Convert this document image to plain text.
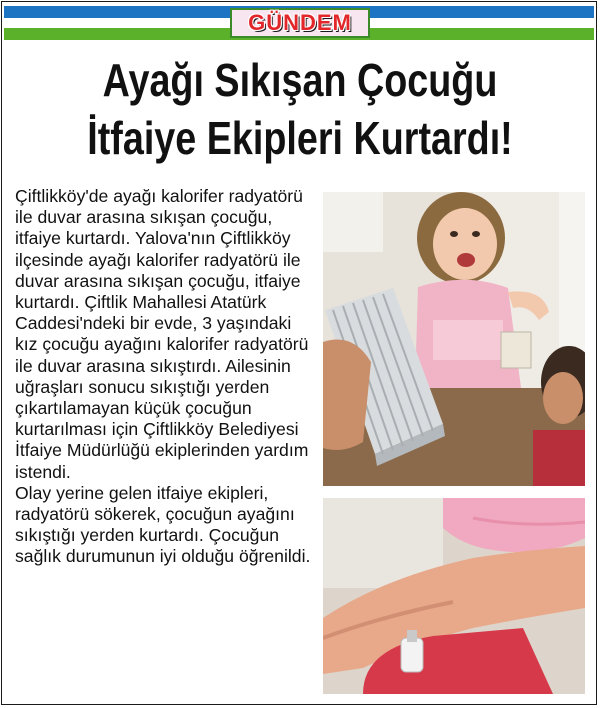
GÜNDEM
Ayağı Sıkışan Çocuğu
İtfaiye Ekipleri Kurtardı!

Çiftlikköy'de ayağı kalorifer radyatörü ile duvar arasına sıkışan çocuğu, itfaiye kurtardı. Yalova'nın Çiftlikköy ilçesinde ayağı kalorifer radyatörü ile duvar arasına sıkışan çocuğu, itfaiye kurtardı. Çiftlik Mahallesi Atatürk Caddesi'ndeki bir evde, 3 yaşındaki kız çocuğu ayağını kalorifer radyatörü ile duvar arasına sıkıştırdı. Ailesinin uğraşları sonucu sıkıştığı yerden çıkartılamayan küçük çocuğun kurtarılması için Çiftlikköy Belediyesi İtfaiye Müdürlüğü ekiplerinden yardım istendi.

Olay yerine gelen itfaiye ekipleri, radyatörü sökerek, çocuğun ayağını sıkıştığı yerden kurtardı. Çocuğun sağlık durumunun iyi olduğu öğrenildi.
